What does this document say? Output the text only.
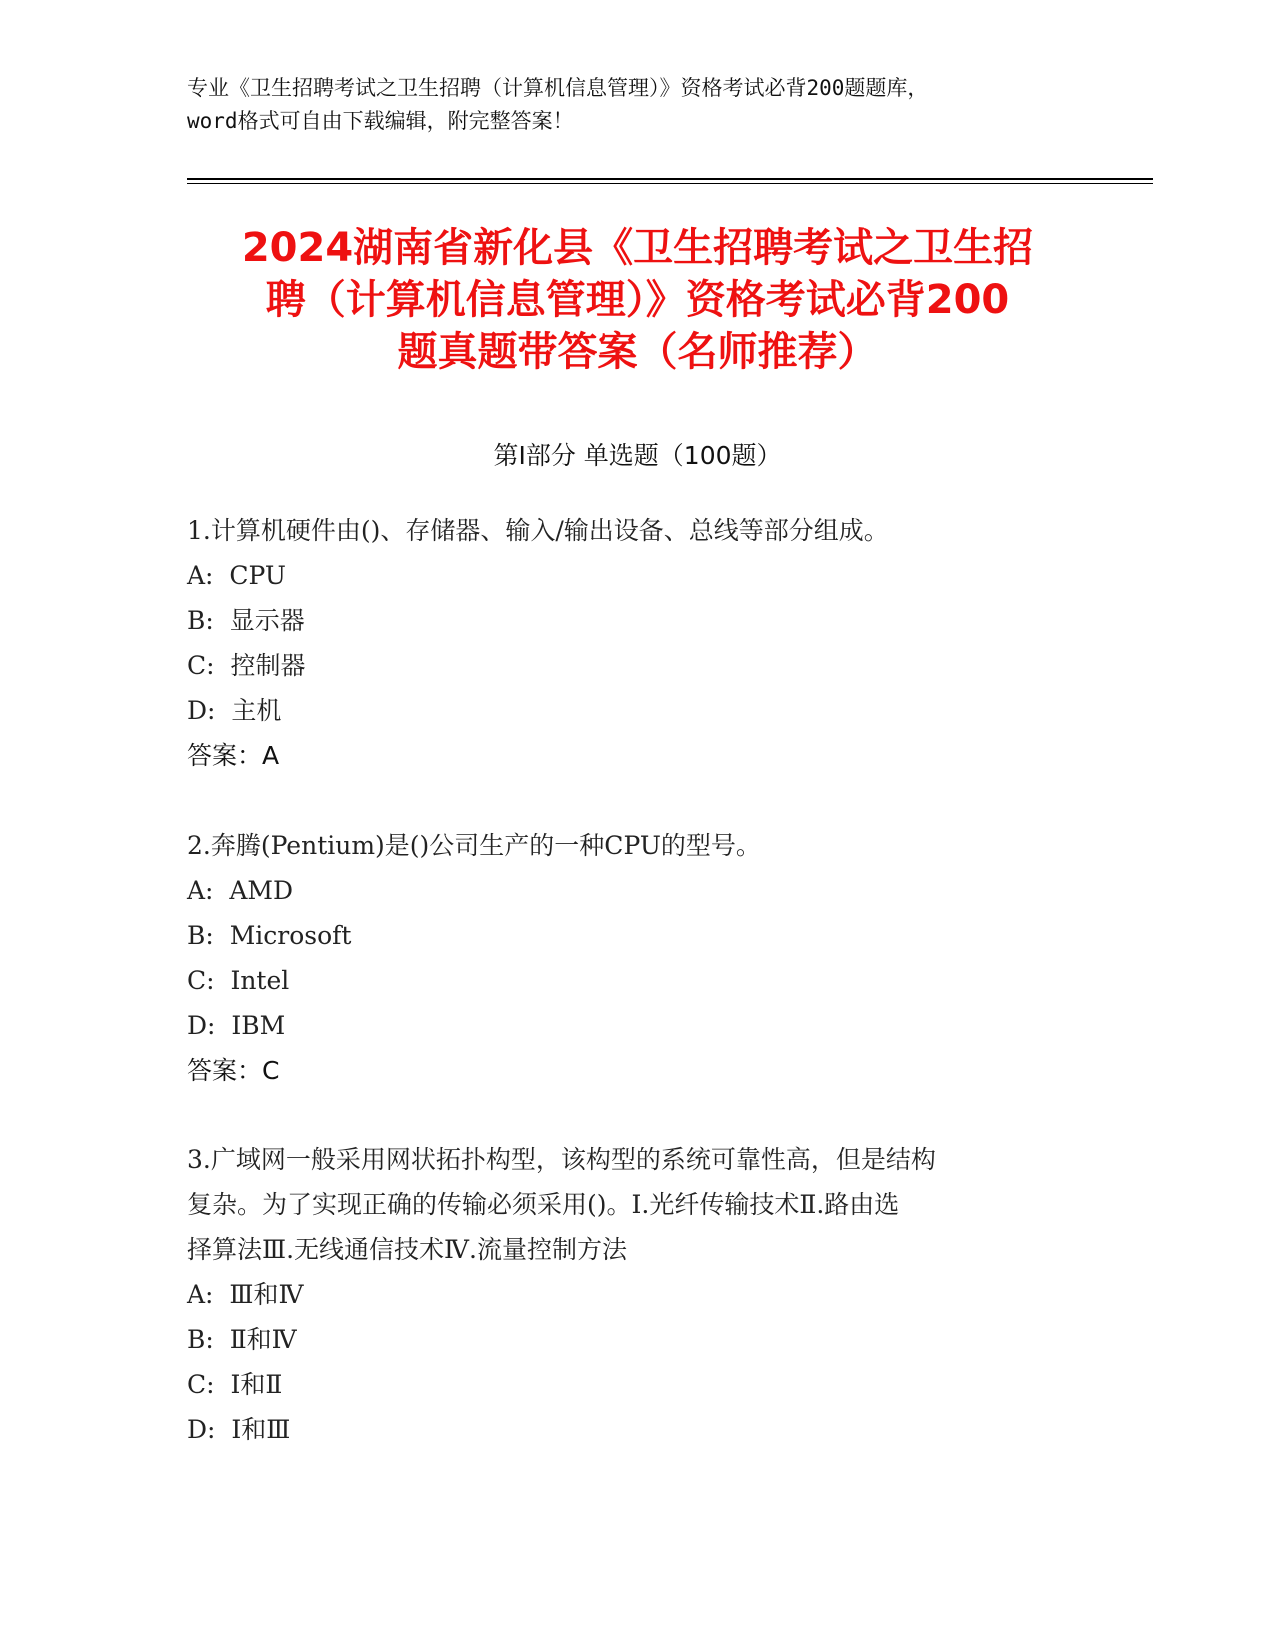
专业《卫生招聘考试之卫生招聘（计算机信息管理）》资格考试必背200题题库，
word格式可自由下载编辑，附完整答案！
2024湖南省新化县《卫生招聘考试之卫生招
聘（计算机信息管理）》资格考试必背200
题真题带答案（名师推荐）
第Ⅰ部分 单选题（100题）
1.计算机硬件由()、存储器、输入/输出设备、总线等部分组成。
A:  CPU
B:  显示器
C:  控制器
D:  主机
答案：A
2.奔腾(Pentium)是()公司生产的一种CPU的型号。
A:  AMD
B:  Microsoft
C:  Intel
D:  IBM
答案：C
3.广域网一般采用网状拓扑构型，该构型的系统可靠性高，但是结构
复杂。为了实现正确的传输必须采用()。Ⅰ.光纤传输技术Ⅱ.路由选
择算法Ⅲ.无线通信技术Ⅳ.流量控制方法
A:  Ⅲ和Ⅳ
B:  Ⅱ和Ⅳ
C:  Ⅰ和Ⅱ
D:  Ⅰ和Ⅲ
